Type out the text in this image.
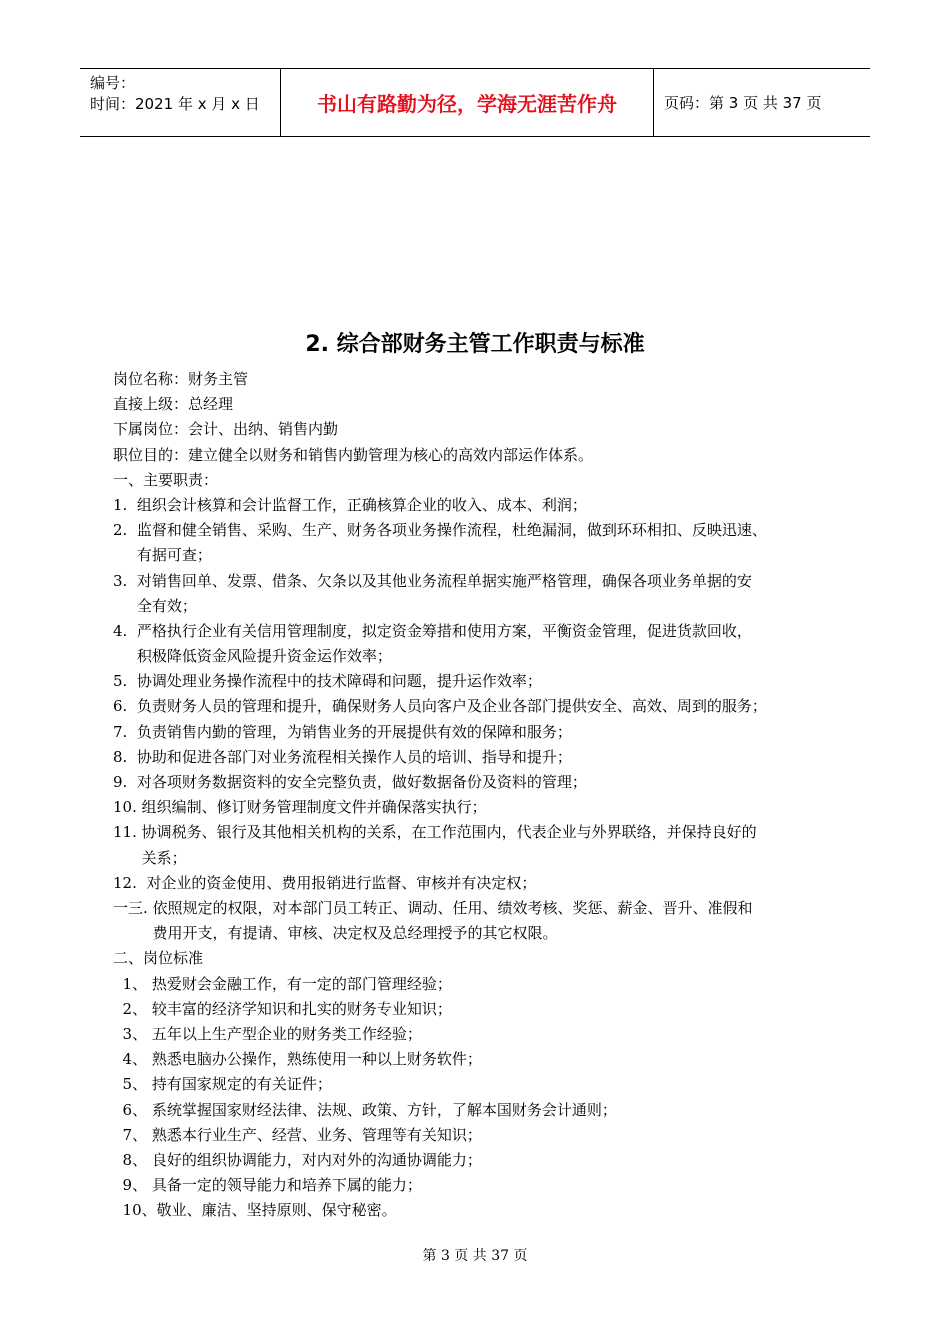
编号：
时间：2021 年 x 月 x 日	书山有路勤为径，学海无涯苦作舟	页码：第 3 页 共 37 页
2. 综合部财务主管工作职责与标准
岗位名称：财务主管
直接上级：总经理
下属岗位：会计、出纳、销售内勤
职位目的：建立健全以财务和销售内勤管理为核心的高效内部运作体系。
一、主要职责：
1. 组织会计核算和会计监督工作，正确核算企业的收入、成本、利润；
2. 监督和健全销售、采购、生产、财务各项业务操作流程，杜绝漏洞，做到环环相扣、反映迅速、
有据可查；
3. 对销售回单、发票、借条、欠条以及其他业务流程单据实施严格管理，确保各项业务单据的安
全有效；
4. 严格执行企业有关信用管理制度，拟定资金筹措和使用方案，平衡资金管理，促进货款回收，
积极降低资金风险提升资金运作效率；
5. 协调处理业务操作流程中的技术障碍和问题，提升运作效率；
6. 负责财务人员的管理和提升，确保财务人员向客户及企业各部门提供安全、高效、周到的服务；
7. 负责销售内勤的管理，为销售业务的开展提供有效的保障和服务；
8. 协助和促进各部门对业务流程相关操作人员的培训、指导和提升；
9. 对各项财务数据资料的安全完整负责，做好数据备份及资料的管理；
10. 组织编制、修订财务管理制度文件并确保落实执行；
11. 协调税务、银行及其他相关机构的关系，在工作范围内，代表企业与外界联络，并保持良好的
关系；
12. 对企业的资金使用、费用报销进行监督、审核并有决定权；
一三. 依照规定的权限，对本部门员工转正、调动、任用、绩效考核、奖惩、薪金、晋升、准假和
费用开支，有提请、审核、决定权及总经理授予的其它权限。
二、岗位标准
1、 热爱财会金融工作，有一定的部门管理经验；
2、 较丰富的经济学知识和扎实的财务专业知识；
3、 五年以上生产型企业的财务类工作经验；
4、 熟悉电脑办公操作，熟练使用一种以上财务软件；
5、 持有国家规定的有关证件；
6、 系统掌握国家财经法律、法规、政策、方针，了解本国财务会计通则；
7、 熟悉本行业生产、经营、业务、管理等有关知识；
8、 良好的组织协调能力，对内对外的沟通协调能力；
9、 具备一定的领导能力和培养下属的能力；
10、敬业、廉洁、坚持原则、保守秘密。
第 3 页 共 37 页
